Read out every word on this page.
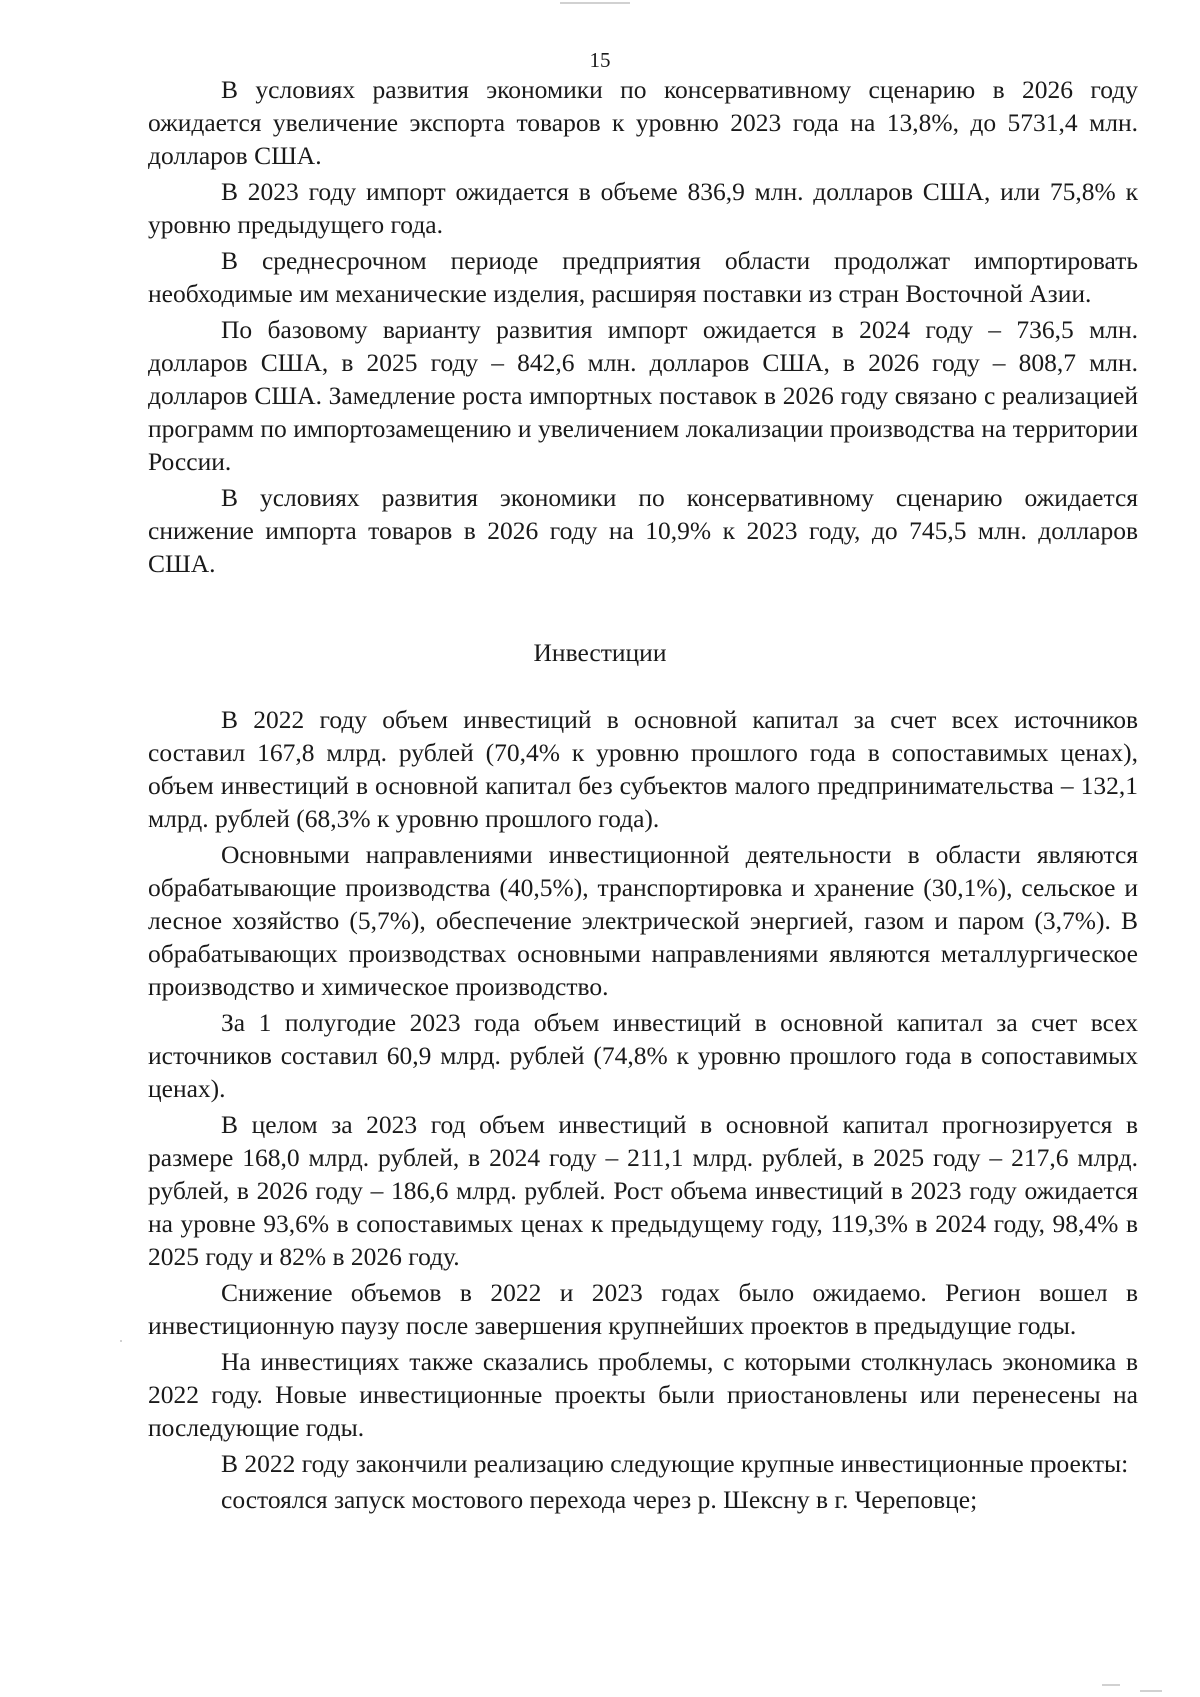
15

В условиях развития экономики по консервативному сценарию в 2026 году ожидается увеличение экспорта товаров к уровню 2023 года на 13,8%, до 5731,4 млн. долларов США.

В 2023 году импорт ожидается в объеме 836,9 млн. долларов США, или 75,8% к уровню предыдущего года.

В среднесрочном периоде предприятия области продолжат импортировать необходимые им механические изделия, расширяя поставки из стран Восточной Азии.

По базовому варианту развития импорт ожидается в 2024 году – 736,5 млн. долларов США, в 2025 году – 842,6 млн. долларов США, в 2026 году – 808,7 млн. долларов США. Замедление роста импортных поставок в 2026 году связано с реализацией программ по импортозамещению и увеличением локализации производства на территории России.

В условиях развития экономики по консервативному сценарию ожидается снижение импорта товаров в 2026 году на 10,9% к 2023 году, до 745,5 млн. долларов США.

Инвестиции

В 2022 году объем инвестиций в основной капитал за счет всех источников составил 167,8 млрд. рублей (70,4% к уровню прошлого года в сопоставимых ценах), объем инвестиций в основной капитал без субъектов малого предпринимательства – 132,1 млрд. рублей (68,3% к уровню прошлого года).

Основными направлениями инвестиционной деятельности в области являются обрабатывающие производства (40,5%), транспортировка и хранение (30,1%), сельское и лесное хозяйство (5,7%), обеспечение электрической энергией, газом и паром (3,7%). В обрабатывающих производствах основными направлениями являются металлургическое производство и химическое производство.

За 1 полугодие 2023 года объем инвестиций в основной капитал за счет всех источников составил 60,9 млрд. рублей (74,8% к уровню прошлого года в сопоставимых ценах).

В целом за 2023 год объем инвестиций в основной капитал прогнозируется в размере 168,0 млрд. рублей, в 2024 году – 211,1 млрд. рублей, в 2025 году – 217,6 млрд. рублей, в 2026 году – 186,6 млрд. рублей. Рост объема инвестиций в 2023 году ожидается на уровне 93,6% в сопоставимых ценах к предыдущему году, 119,3% в 2024 году, 98,4% в 2025 году и 82% в 2026 году.

Снижение объемов в 2022 и 2023 годах было ожидаемо. Регион вошел в инвестиционную паузу после завершения крупнейших проектов в предыдущие годы.

На инвестициях также сказались проблемы, с которыми столкнулась экономика в 2022 году. Новые инвестиционные проекты были приостановлены или перенесены на последующие годы.

В 2022 году закончили реализацию следующие крупные инвестиционные проекты:

состоялся запуск мостового перехода через р. Шексну в г. Череповце;
